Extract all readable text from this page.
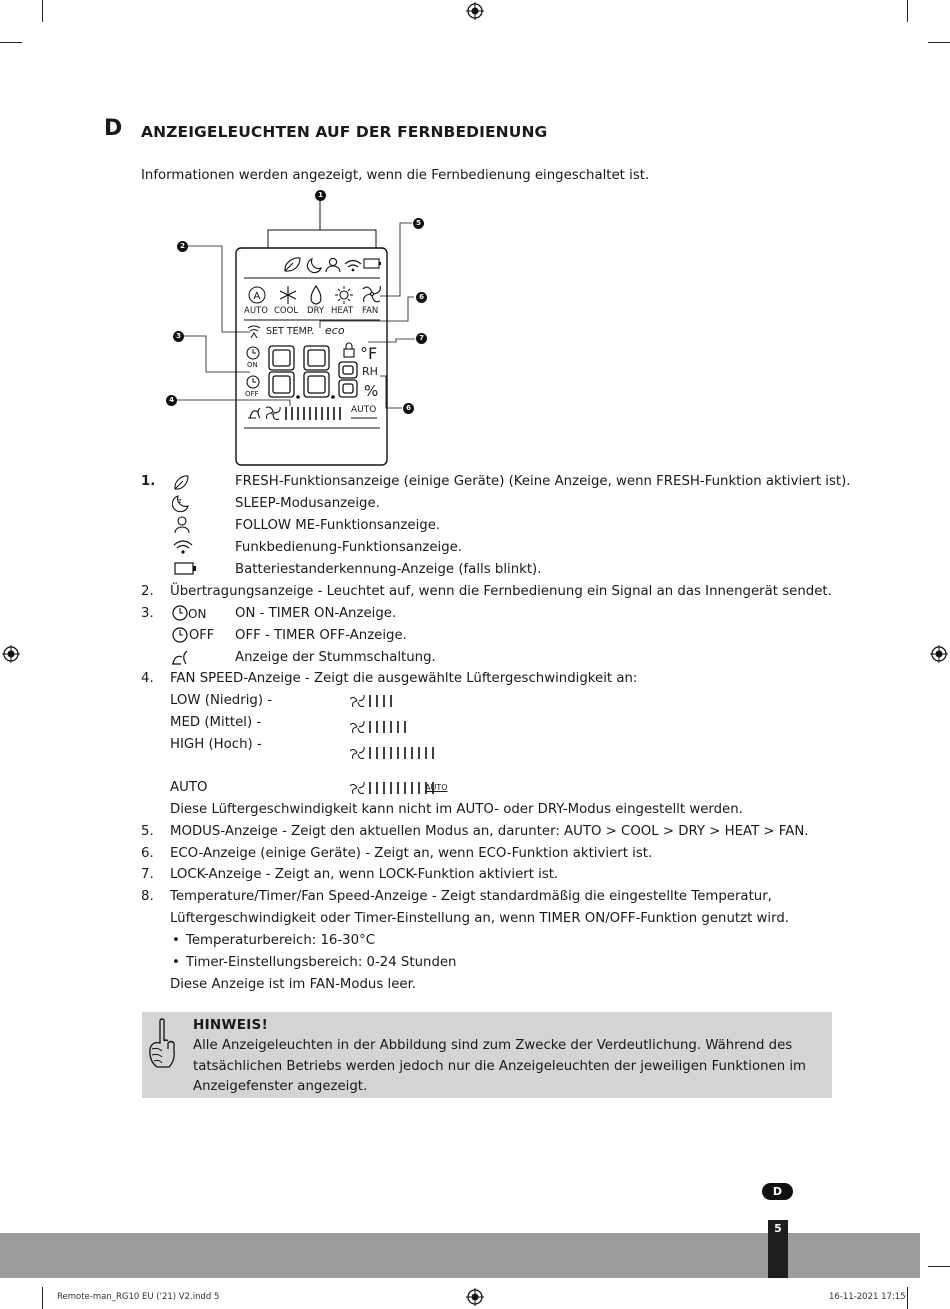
D ANZEIGELEUCHTEN AUF DER FERNBEDIENUNG
Informationen werden angezeigt, wenn die Fernbedienung eingeschaltet ist.
A
1
2
3
4
5
6
7
6
AUTO COOL DRY HEAT FAN
SET TEMP. eco
ON
OFF
°F
RH
%
AUTO
1.	FRESH-Funktionsanzeige (einige Geräte) (Keine Anzeige, wenn FRESH-Funktion aktiviert ist).
z	SLEEP-Modusanzeige.
FOLLOW ME-Funktionsanzeige.
Funkbedienung-Funktionsanzeige.
Batteriestanderkennung-Anzeige (falls blinkt).
2. Übertragungsanzeige - Leuchtet auf, wenn die Fernbedienung ein Signal an das Innengerät sendet.
3.	ON ON - TIMER ON-Anzeige.
OFF OFF - TIMER OFF-Anzeige.
Anzeige der Stummschaltung.
4. FAN SPEED-Anzeige - Zeigt die ausgewählte Lüftergeschwindigkeit an:
LOW (Niedrig) -
MED (Mittel) -
HIGH (Hoch) -
AUTO	AUTO
Diese Lüftergeschwindigkeit kann nicht im AUTO- oder DRY-Modus eingestellt werden.
5. MODUS-Anzeige - Zeigt den aktuellen Modus an, darunter: AUTO > COOL > DRY > HEAT > FAN.
6. ECO-Anzeige (einige Geräte) - Zeigt an, wenn ECO-Funktion aktiviert ist.
7. LOCK-Anzeige - Zeigt an, wenn LOCK-Funktion aktiviert ist.
8. Temperature/Timer/Fan Speed-Anzeige - Zeigt standardmäßig die eingestellte Temperatur,
Lüftergeschwindigkeit oder Timer-Einstellung an, wenn TIMER ON/OFF-Funktion genutzt wird.
• Temperaturbereich: 16-30°C
• Timer-Einstellungsbereich: 0-24 Stunden
Diese Anzeige ist im FAN-Modus leer.
HINWEIS!
Alle Anzeigeleuchten in der Abbildung sind zum Zwecke der Verdeutlichung. Während des tatsächlichen Betriebs werden jedoch nur die Anzeigeleuchten der jeweiligen Funktionen im Anzeigefenster angezeigt.
D
5
Remote-man_RG10 EU ('21) V2.indd 5	16-11-2021 17:15
